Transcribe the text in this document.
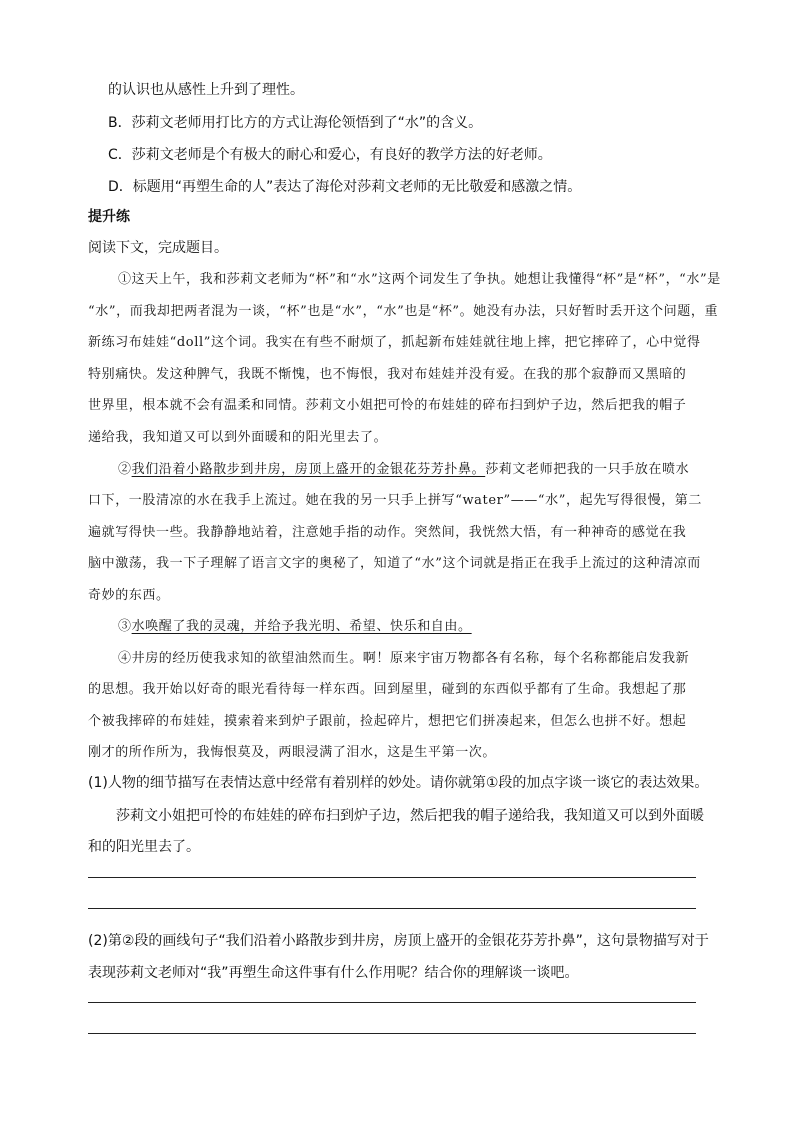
的认识也从感性上升到了理性。
B．莎莉文老师用打比方的方式让海伦领悟到了“水”的含义。
C．莎莉文老师是个有极大的耐心和爱心，有良好的教学方法的好老师。
D．标题用“再塑生命的人”表达了海伦对莎莉文老师的无比敬爱和感激之情。
提升练
阅读下文，完成题目。
①这天上午，我和莎莉文老师为“杯”和“水”这两个词发生了争执。她想让我懂得“杯”是“杯”，“水”是
“水”，而我却把两者混为一谈，“杯”也是“水”，“水”也是“杯”。她没有办法，只好暂时丢开这个问题，重
新练习布娃娃“doll”这个词。我实在有些不耐烦了，抓起新布娃娃就往地上摔，把它摔碎了，心中觉得
特别痛快。发这种脾气，我既不惭愧，也不悔恨，我对布娃娃并没有爱。在我的那个寂静而又黑暗的
世界里，根本就不会有温柔和同情。莎莉文小姐把可怜的布娃娃的碎布扫到炉子边，然后把我的帽子
递给我，我知道又可以到外面暖和的阳光里去了。
②我们沿着小路散步到井房，房顶上盛开的金银花芬芳扑鼻。莎莉文老师把我的一只手放在喷水
口下，一股清凉的水在我手上流过。她在我的另一只手上拼写“water”——“水”，起先写得很慢，第二
遍就写得快一些。我静静地站着，注意她手指的动作。突然间，我恍然大悟，有一种神奇的感觉在我
脑中激荡，我一下子理解了语言文字的奥秘了，知道了“水”这个词就是指正在我手上流过的这种清凉而
奇妙的东西。
③水唤醒了我的灵魂，并给予我光明、希望、快乐和自由。
④井房的经历使我求知的欲望油然而生。啊！原来宇宙万物都各有名称，每个名称都能启发我新
的思想。我开始以好奇的眼光看待每一样东西。回到屋里，碰到的东西似乎都有了生命。我想起了那
个被我摔碎的布娃娃，摸索着来到炉子跟前，捡起碎片，想把它们拼凑起来，但怎么也拼不好。想起
刚才的所作所为，我悔恨莫及，两眼浸满了泪水，这是生平第一次。
(1)人物的细节描写在表情达意中经常有着别样的妙处。请你就第①段的加点字谈一谈它的表达效果。
莎莉文小姐把可怜的布娃娃的碎布扫到炉子边，然后把我的帽子递给我，我知道又可以到外面暖
和的阳光里去了。
(2)第②段的画线句子“我们沿着小路散步到井房，房顶上盛开的金银花芬芳扑鼻”，这句景物描写对于
表现莎莉文老师对“我”再塑生命这件事有什么作用呢？结合你的理解谈一谈吧。
